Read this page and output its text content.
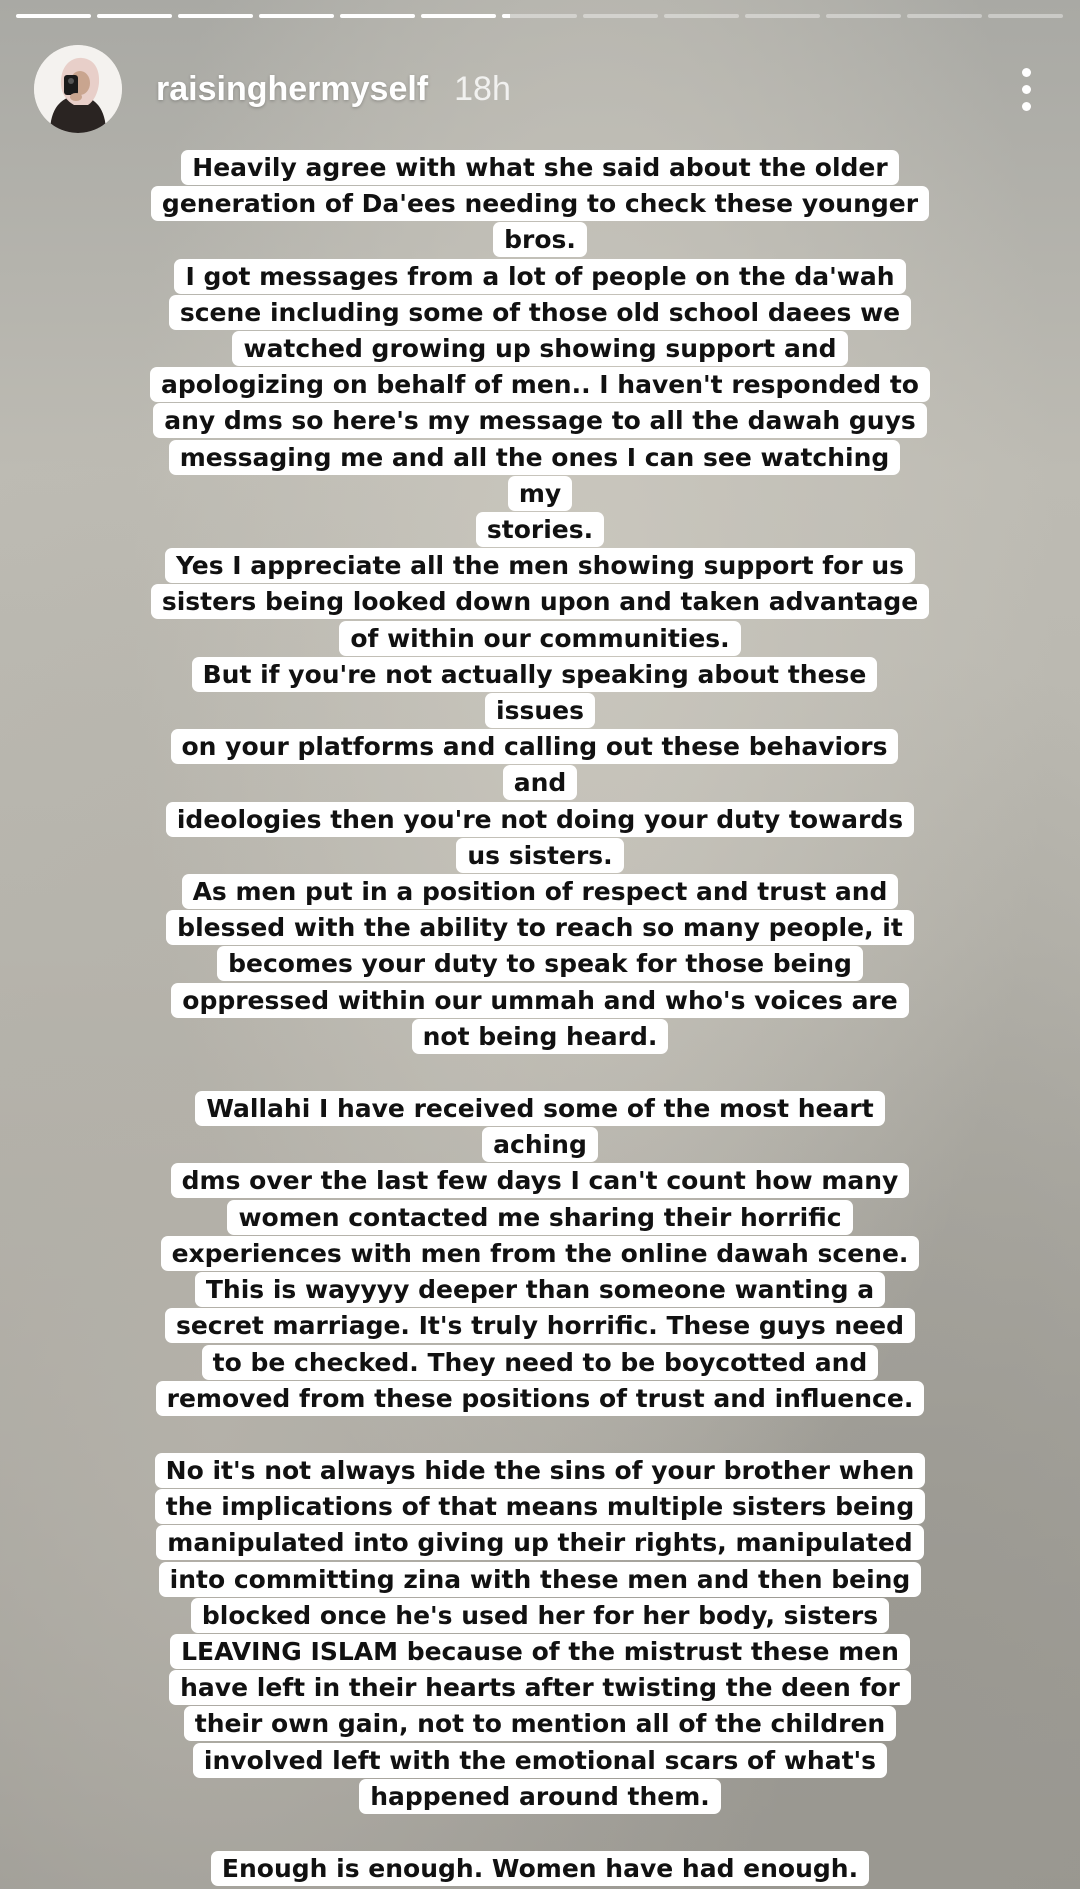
raisinghermyself 18h
Heavily agree with what she said about the older
generation of Da'ees needing to check these younger
bros.
I got messages from a lot of people on the da'wah
scene including some of those old school daees we
watched growing up showing support and
apologizing on behalf of men.. I haven't responded to
any dms so here's my message to all the dawah guys
messaging me and all the ones I can see watching my
stories.
Yes I appreciate all the men showing support for us
sisters being looked down upon and taken advantage
of within our communities.
But if you're not actually speaking about these issues
on your platforms and calling out these behaviors and
ideologies then you're not doing your duty towards
us sisters.
As men put in a position of respect and trust and
blessed with the ability to reach so many people, it
becomes your duty to speak for those being
oppressed within our ummah and who's voices are
not being heard.
Wallahi I have received some of the most heart aching
dms over the last few days I can't count how many
women contacted me sharing their horrific
experiences with men from the online dawah scene.
This is wayyyy deeper than someone wanting a
secret marriage. It's truly horrific. These guys need
to be checked. They need to be boycotted and
removed from these positions of trust and influence.
No it's not always hide the sins of your brother when
the implications of that means multiple sisters being
manipulated into giving up their rights, manipulated
into committing zina with these men and then being
blocked once he's used her for her body, sisters
LEAVING ISLAM because of the mistrust these men
have left in their hearts after twisting the deen for
their own gain, not to mention all of the children
involved left with the emotional scars of what's
happened around them.
Enough is enough. Women have had enough.
